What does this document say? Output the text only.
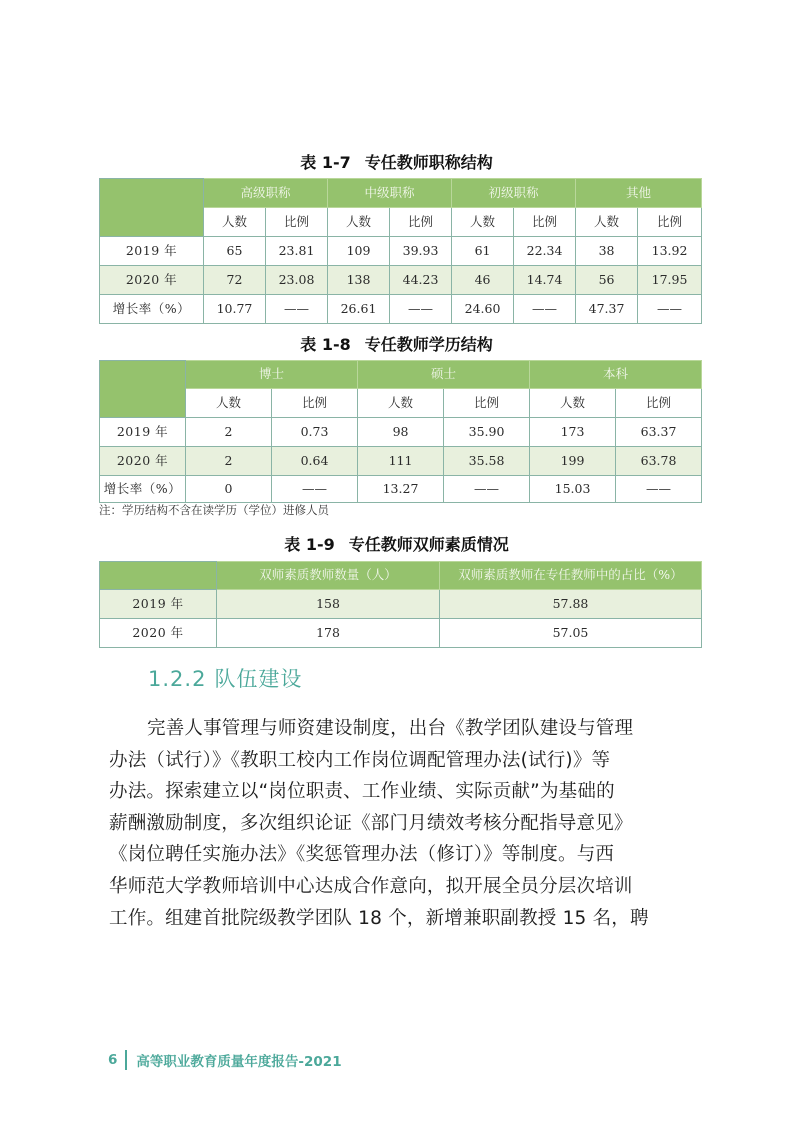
表 1-7 专任教师职称结构
	高级职称		中级职称		初级职称		其他	
	人数	比例	人数	比例	人数	比例	人数	比例
2019 年	65	23.81	109	39.93	61	22.34	38	13.92
2020 年	72	23.08	138	44.23	46	14.74	56	17.95
增长率（%）	10.77	——	26.61	——	24.60	——	47.37	——
表 1-8 专任教师学历结构
	博士		硕士		本科	
	人数	比例	人数	比例	人数	比例
2019 年	2	0.73	98	35.90	173	63.37
2020 年	2	0.64	111	35.58	199	63.78
增长率（%）	0	——	13.27	——	15.03	——
注：学历结构不含在读学历（学位）进修人员
表 1-9 专任教师双师素质情况
	双师素质教师数量（人）	双师素质教师在专任教师中的占比（%）
2019 年	158	57.88
2020 年	178	57.05
1.2.2 队伍建设
完善人事管理与师资建设制度，出台《教学团队建设与管理
办法（试行）》《教职工校内工作岗位调配管理办法(试行)》等
办法。探索建立以“岗位职责、工作业绩、实际贡献”为基础的
薪酬激励制度，多次组织论证《部门月绩效考核分配指导意见》
《岗位聘任实施办法》《奖惩管理办法（修订）》等制度。与西
华师范大学教师培训中心达成合作意向，拟开展全员分层次培训
工作。组建首批院级教学团队 18 个，新增兼职副教授 15 名，聘
6 高等职业教育质量年度报告-2021
